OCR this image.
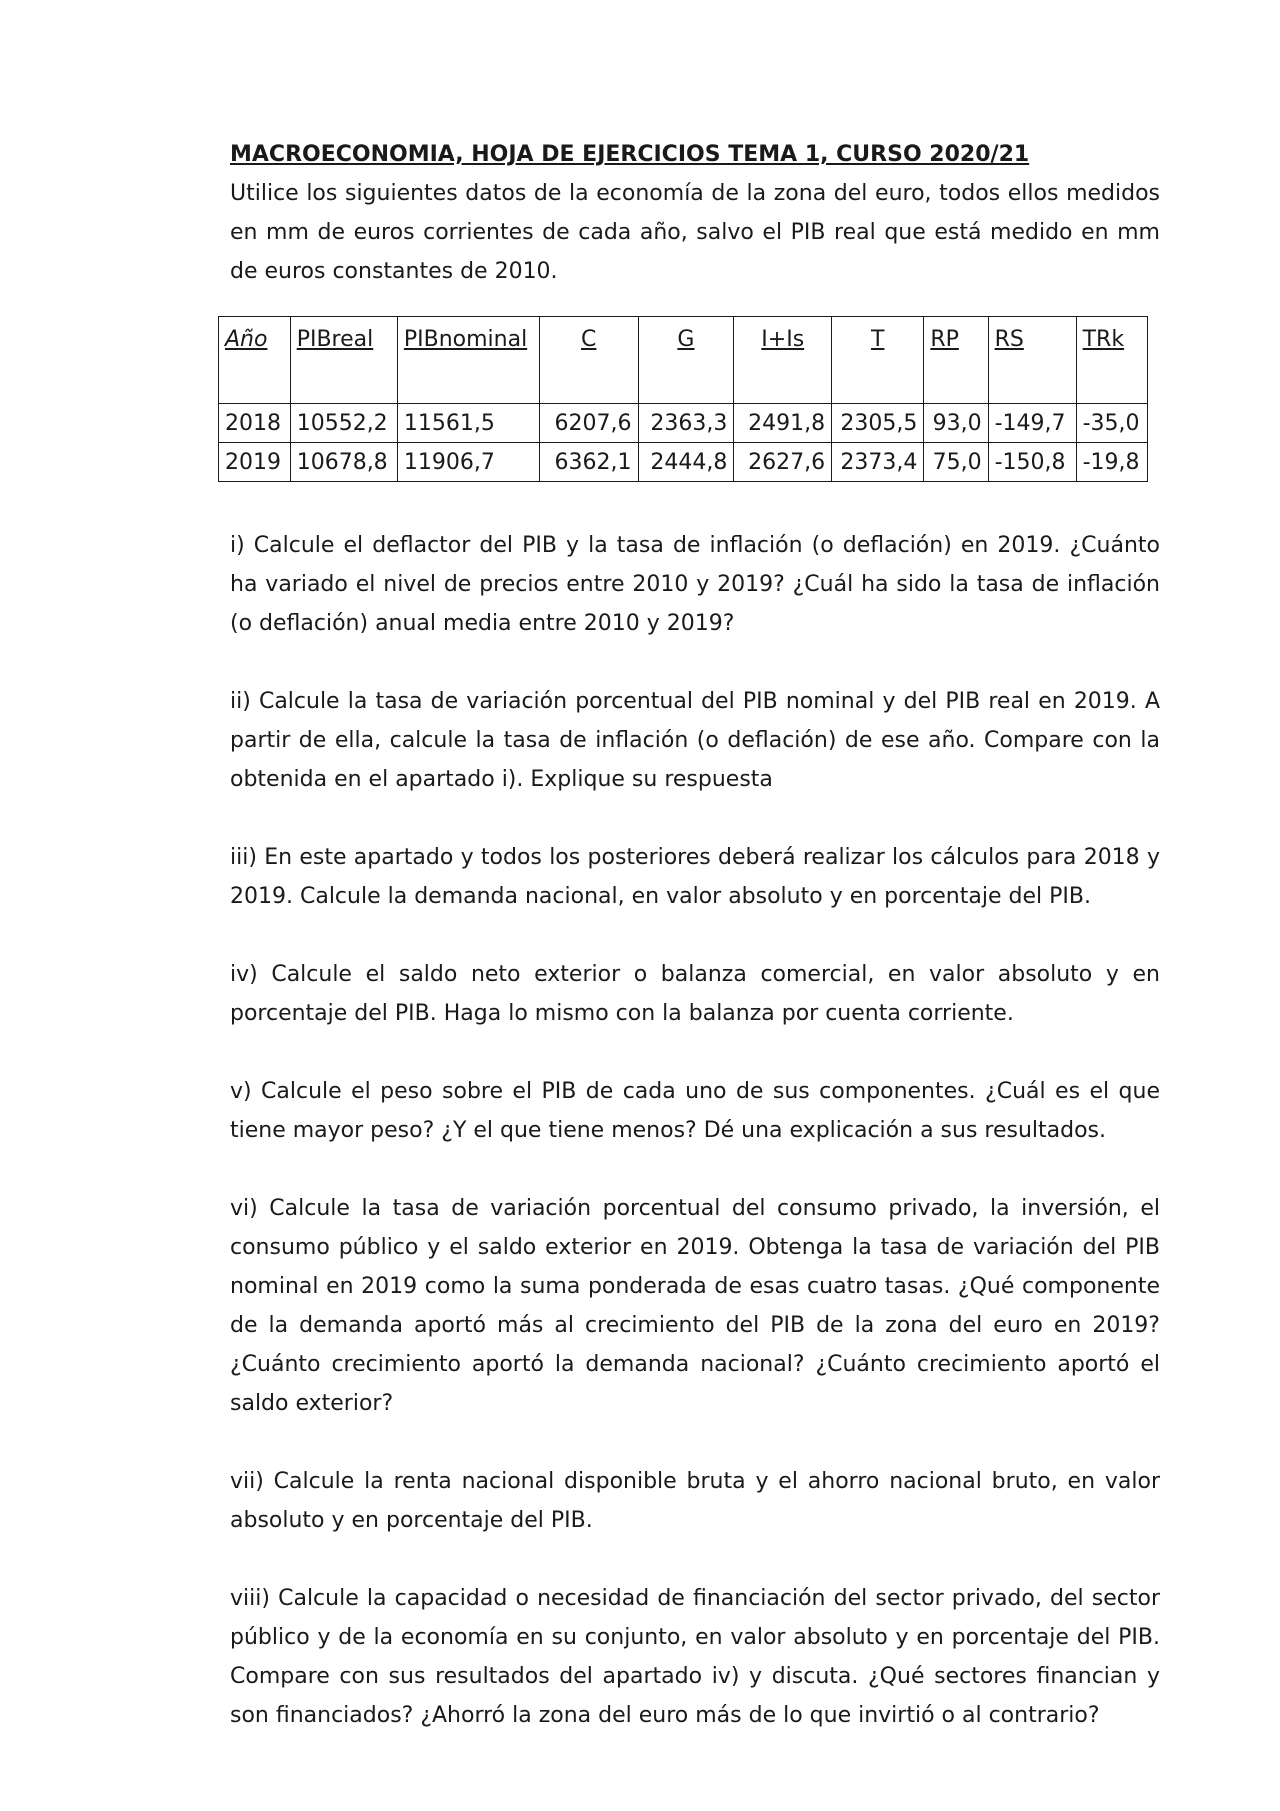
MACROECONOMIA, HOJA DE EJERCICIOS TEMA 1, CURSO 2020/21

Utilice los siguientes datos de la economía de la zona del euro, todos ellos medidos en mm de euros corrientes de cada año, salvo el PIB real que está medido en mm de euros constantes de 2010.

Año	PIBreal	PIBnominal	C	G	I+Is	T	RP	RS	TRk
2018	10552,2	11561,5	6207,6	2363,3	2491,8	2305,5	93,0	-149,7	-35,0
2019	10678,8	11906,7	6362,1	2444,8	2627,6	2373,4	75,0	-150,8	-19,8

i) Calcule el deflactor del PIB y la tasa de inflación (o deflación) en 2019. ¿Cuánto ha variado el nivel de precios entre 2010 y 2019? ¿Cuál ha sido la tasa de inflación (o deflación) anual media entre 2010 y 2019?

ii) Calcule la tasa de variación porcentual del PIB nominal y del PIB real en 2019. A partir de ella, calcule la tasa de inflación (o deflación) de ese año. Compare con la obtenida en el apartado i). Explique su respuesta

iii) En este apartado y todos los posteriores deberá realizar los cálculos para 2018 y 2019. Calcule la demanda nacional, en valor absoluto y en porcentaje del PIB.

iv) Calcule el saldo neto exterior o balanza comercial, en valor absoluto y en porcentaje del PIB. Haga lo mismo con la balanza por cuenta corriente.

v) Calcule el peso sobre el PIB de cada uno de sus componentes. ¿Cuál es el que tiene mayor peso? ¿Y el que tiene menos? Dé una explicación a sus resultados.

vi) Calcule la tasa de variación porcentual del consumo privado, la inversión, el consumo público y el saldo exterior en 2019. Obtenga la tasa de variación del PIB nominal en 2019 como la suma ponderada de esas cuatro tasas. ¿Qué componente de la demanda aportó más al crecimiento del PIB de la zona del euro en 2019? ¿Cuánto crecimiento aportó la demanda nacional? ¿Cuánto crecimiento aportó el saldo exterior?

vii) Calcule la renta nacional disponible bruta y el ahorro nacional bruto, en valor absoluto y en porcentaje del PIB.

viii) Calcule la capacidad o necesidad de financiación del sector privado, del sector público y de la economía en su conjunto, en valor absoluto y en porcentaje del PIB. Compare con sus resultados del apartado iv) y discuta. ¿Qué sectores financian y son financiados? ¿Ahorró la zona del euro más de lo que invirtió o al contrario?
